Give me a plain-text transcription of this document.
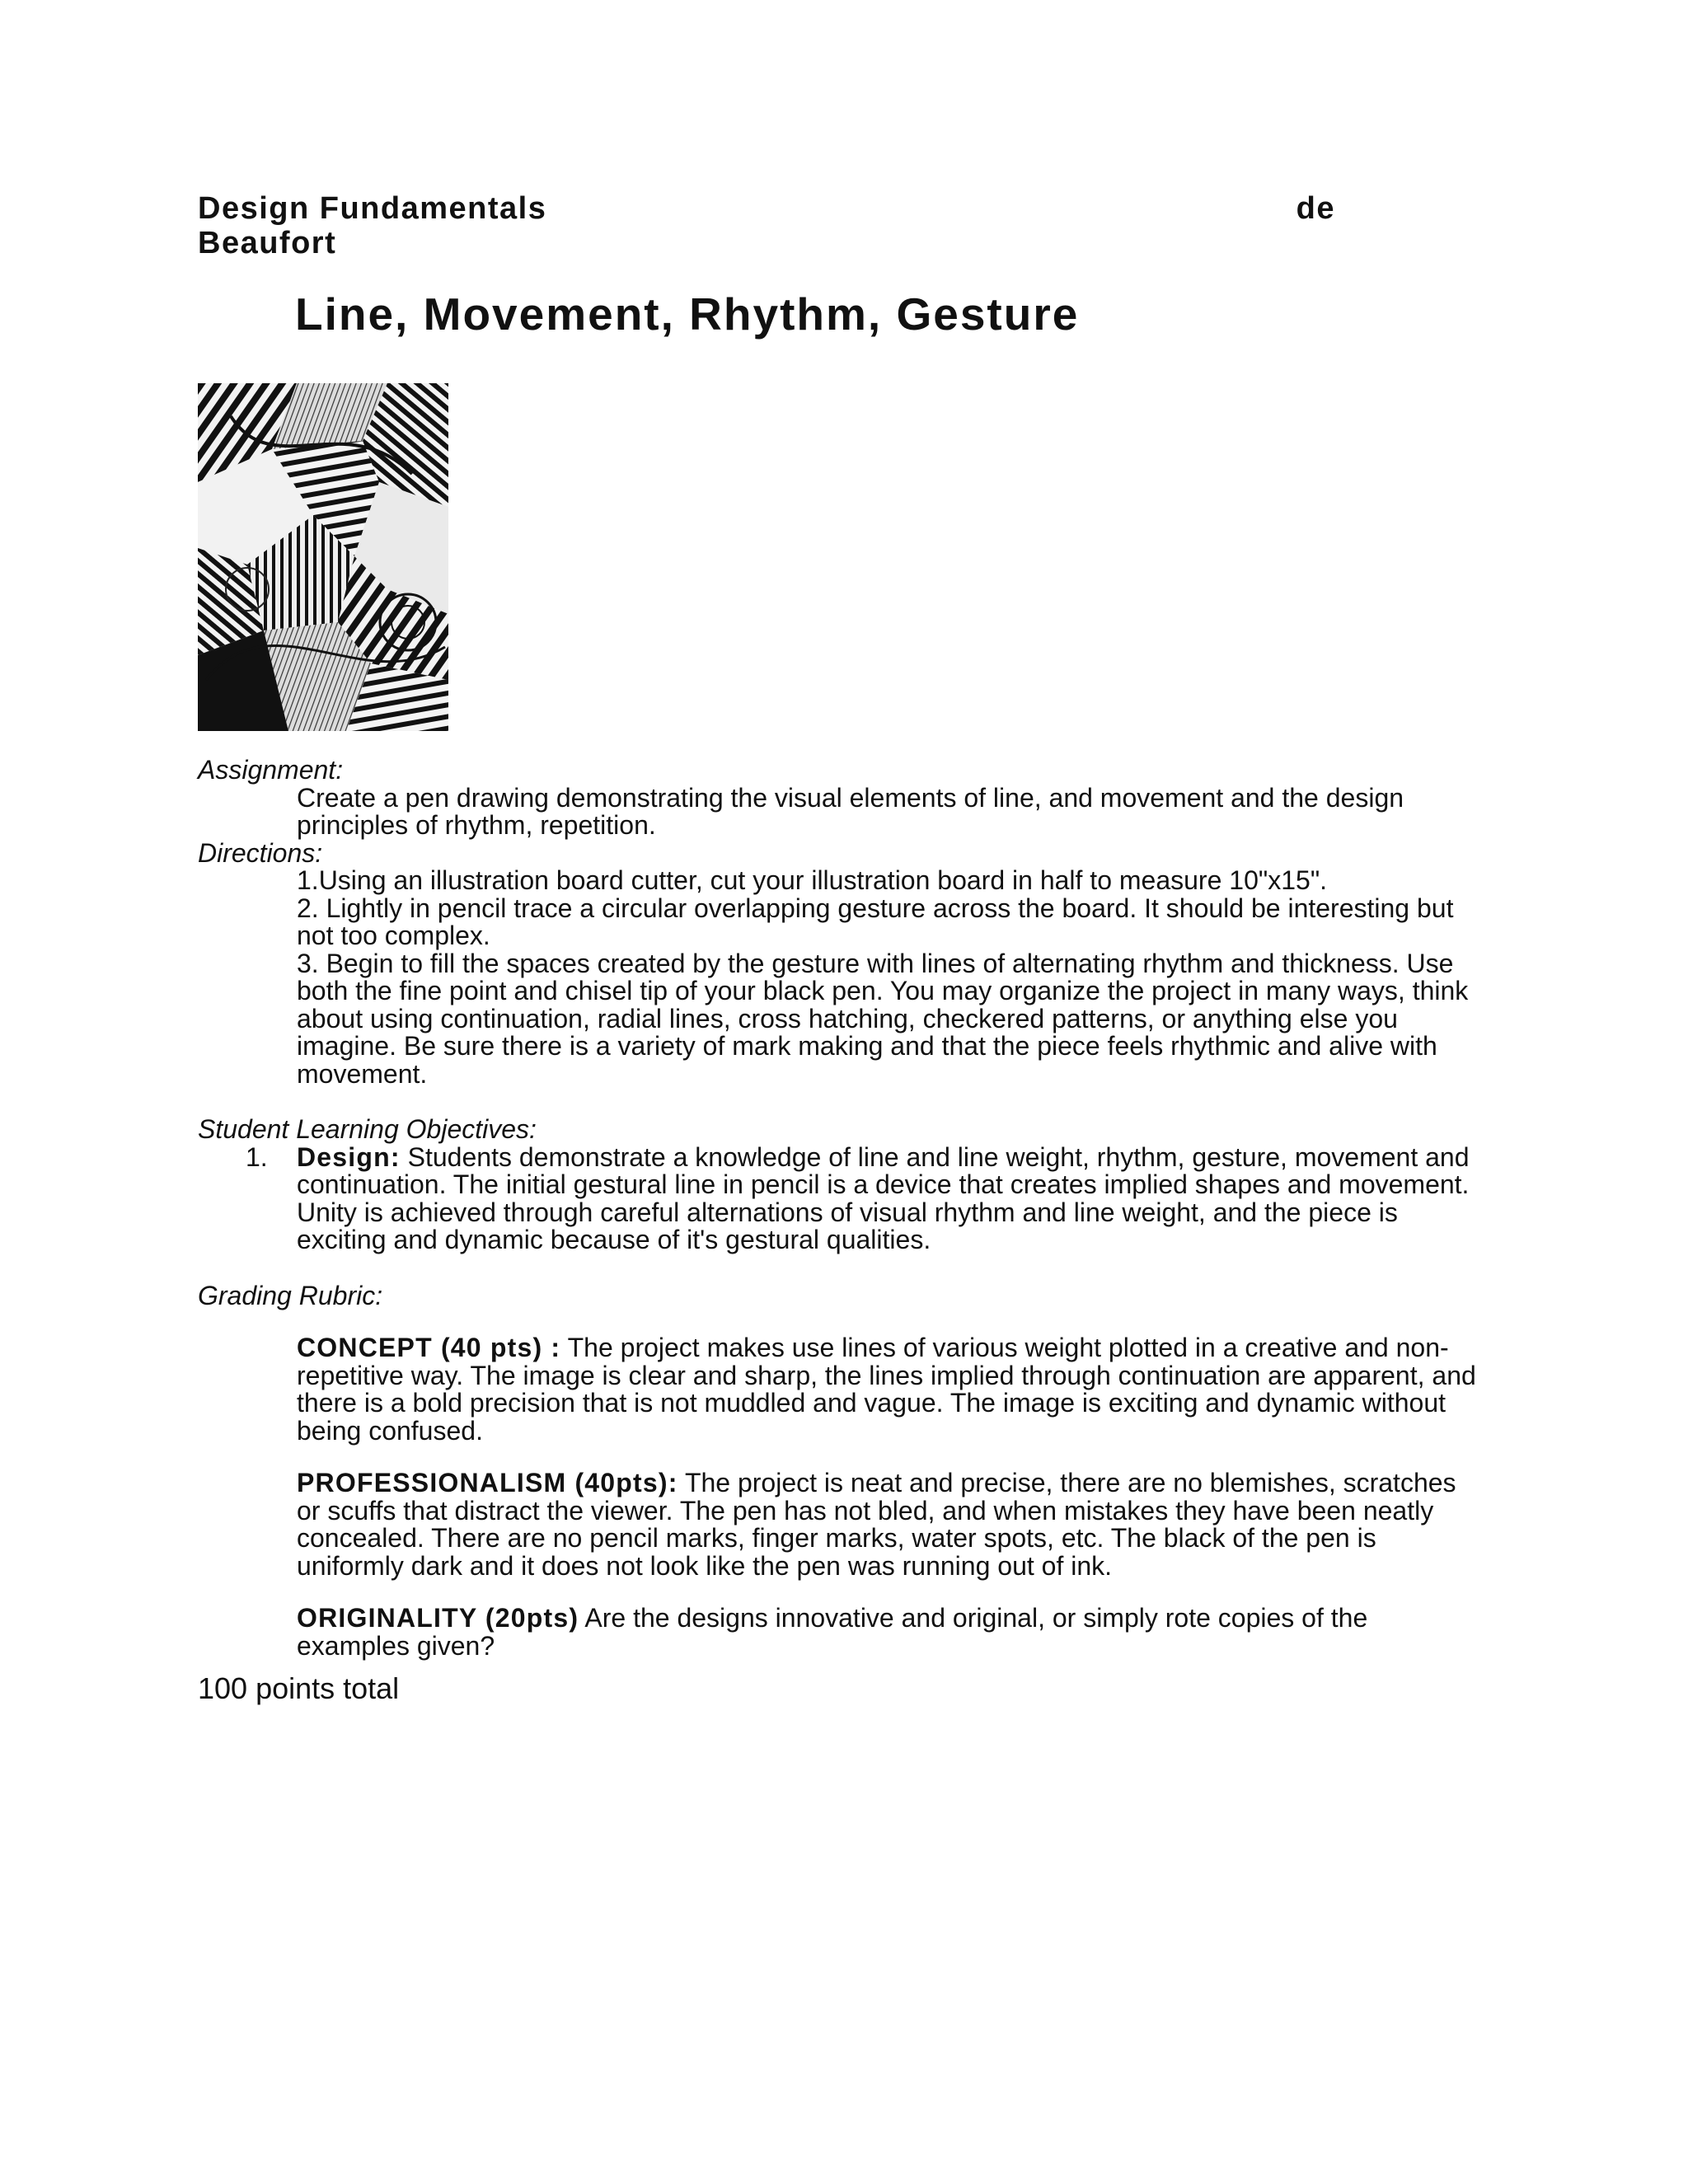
Design Fundamentals	de
Beaufort
Line, Movement, Rhythm, Gesture
Assignment:
Create a pen drawing demonstrating the visual elements of line, and movement and the design principles of rhythm, repetition.
Directions:
1.Using an illustration board cutter, cut your illustration board in half to measure 10"x15".
2. Lightly in pencil trace a circular overlapping gesture across the board. It should be interesting but not too complex.
3. Begin to fill the spaces created by the gesture with lines of alternating rhythm and thickness. Use both the fine point and chisel tip of your black pen. You may organize the project in many ways, think about using continuation, radial lines, cross hatching, checkered patterns, or anything else you imagine. Be sure there is a variety of mark making and that the piece feels rhythmic and alive with movement.
Student Learning Objectives:
1.	Design: Students demonstrate a knowledge of line and line weight, rhythm, gesture, movement and continuation. The initial gestural line in pencil is a device that creates implied shapes and movement. Unity is achieved through careful alternations of visual rhythm and line weight, and the piece is exciting and dynamic because of it's gestural qualities.
Grading Rubric:
CONCEPT (40 pts) : The project makes use lines of various weight plotted in a creative and non-repetitive way. The image is clear and sharp, the lines implied through continuation are apparent, and there is a bold precision that is not muddled and vague. The image is exciting and dynamic without being confused.
PROFESSIONALISM (40pts): The project is neat and precise, there are no blemishes, scratches or scuffs that distract the viewer. The pen has not bled, and when mistakes they have been neatly concealed. There are no pencil marks, finger marks, water spots, etc. The black of the pen is uniformly dark and it does not look like the pen was running out of ink.
ORIGINALITY (20pts) Are the designs innovative and original, or simply rote copies of the examples given?
100 points total
